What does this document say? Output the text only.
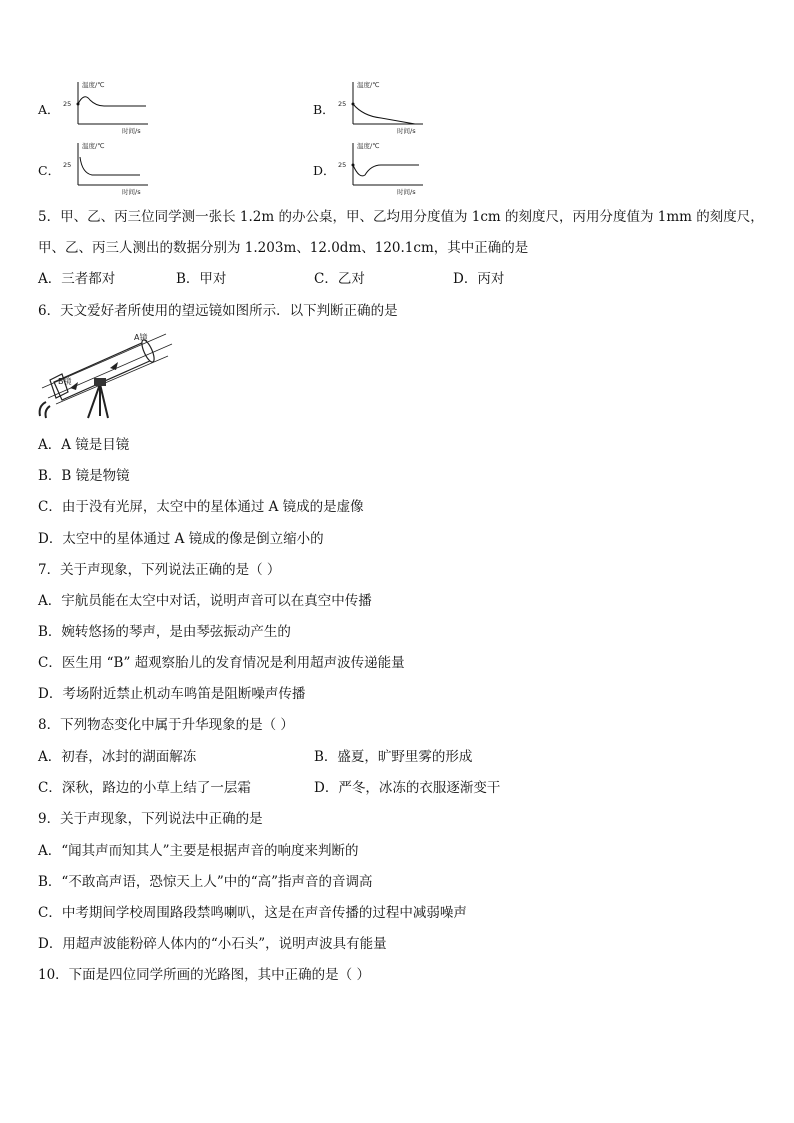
A．
温度/℃
25
时间/s
B．
温度/℃
25
时间/s
C．
温度/℃
25
时间/s
D．
温度/℃
25
时间/s
5．甲、乙、丙三位同学测一张长 1.2m 的办公桌，甲、乙均用分度值为 1cm 的刻度尺，丙用分度值为 1mm 的刻度尺，
甲、乙、丙三人测出的数据分别为 1.203m、12.0dm、120.1cm，其中正确的是
A．三者都对	B．甲对	C．乙对	D．丙对
6．天文爱好者所使用的望远镜如图所示．以下判断正确的是
A镜
B镜
A．A 镜是目镜
B．B 镜是物镜
C．由于没有光屏，太空中的星体通过 A 镜成的是虚像
D．太空中的星体通过 A 镜成的像是倒立缩小的
7．关于声现象，下列说法正确的是（ ）
A．宇航员能在太空中对话，说明声音可以在真空中传播
B．婉转悠扬的琴声，是由琴弦振动产生的
C．医生用 “B” 超观察胎儿的发育情况是利用超声波传递能量
D．考场附近禁止机动车鸣笛是阻断噪声传播
8．下列物态变化中属于升华现象的是（ ）
A．初春，冰封的湖面解冻	B．盛夏，旷野里雾的形成
C．深秋，路边的小草上结了一层霜	D．严冬，冰冻的衣服逐渐变干
9．关于声现象，下列说法中正确的是
A．“闻其声而知其人”主要是根据声音的响度来判断的
B．“不敢高声语，恐惊天上人”中的“高”指声音的音调高
C．中考期间学校周围路段禁鸣喇叭，这是在声音传播的过程中减弱噪声
D．用超声波能粉碎人体内的“小石头”，说明声波具有能量
10．下面是四位同学所画的光路图，其中正确的是（ ）
